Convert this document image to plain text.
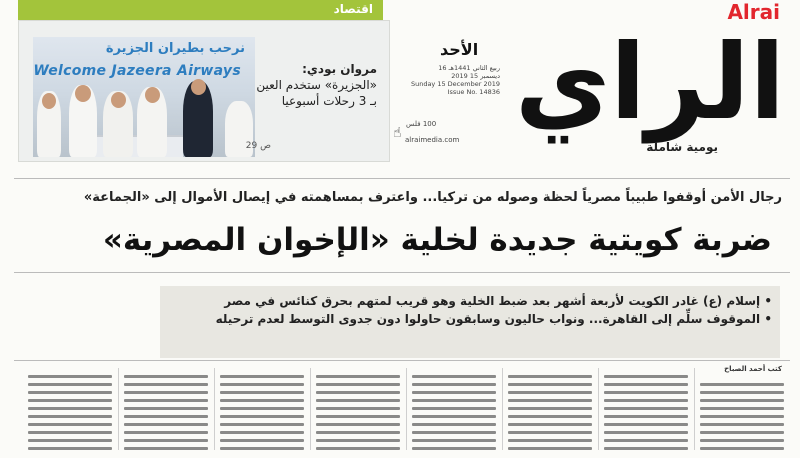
اقتصاد
نرحب بطيران الجزيرة
Welcome Jazeera Airways	مروان بودي:
«الجزيرة» ستخدم العين
بـ 3 رحلات أسبوعيا
ص 29
الأحد
16 ربيع الثاني 1441هـ
2019 ديسمبر 15
Sunday 15 December 2019
Issue No. 14836
100 فلس
☝ alraimedia.com الراي
Alrai
يومية شاملة
رجال الأمن أوقفوا طبيباً مصرياً لحظة وصوله من تركيا... واعترف بمساهمته في إيصال الأموال إلى «الجماعة»
ضربة كويتية جديدة لخلية «الإخوان المصرية»
• إسلام (ع) غادر الكويت لأربعة أشهر بعد ضبط الخلية وهو قريب لمتهم بحرق كنائس في مصر
• الموقوف سلِّم إلى القاهرة... ونواب حاليون وسابقون حاولوا دون جدوى التوسط لعدم ترحيله
كتب أحمد الصباح
